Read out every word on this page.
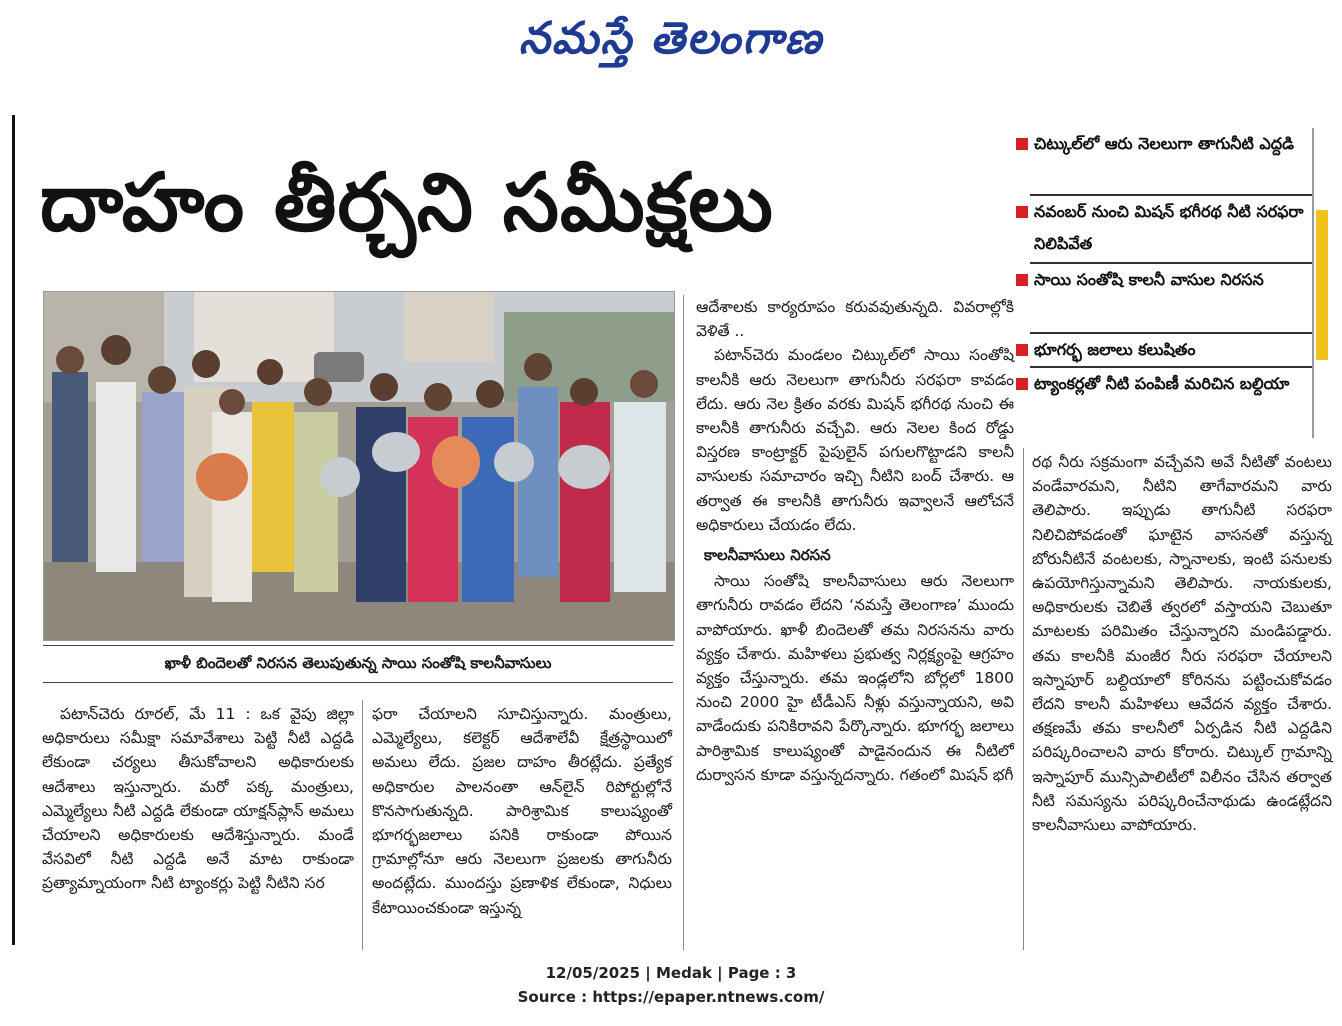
నమస్తే తెలంగాణ
దాహం తీర్చని సమీక్షలు
చిట్కుల్‌లో ఆరు నెలలుగా తాగునీటి ఎద్దడి
నవంబర్ నుంచి మిషన్ భగీరథ నీటి సరఫరా నిలిపివేత
సాయి సంతోషి కాలనీ వాసుల నిరసన
భూగర్భ జలాలు కలుషితం
ట్యాంకర్లతో నీటి పంపిణీ మరిచిన బల్దియా
ఖాళీ బిందెలతో నిరసన తెలుపుతున్న సాయి సంతోషి కాలనీవాసులు

పటాన్‌చెరు రూరల్, మే 11 : ఒక వైపు జిల్లా అధికారులు సమీక్షా సమావేశాలు పెట్టి నీటి ఎద్దడి లేకుండా చర్యలు తీసుకోవాలని అధికారులకు ఆదేశాలు ఇస్తున్నారు. మరో పక్క మంత్రులు, ఎమ్మెల్యేలు నీటి ఎద్దడి లేకుండా యాక్షన్‌ప్లాన్ అమలు చేయాలని అధికారులకు ఆదేశిస్తున్నారు. మండే వేసవిలో నీటి ఎద్దడి అనే మాట రాకుండా ప్రత్యామ్నాయంగా నీటి ట్యాంకర్లు పెట్టి నీటిని సర

ఫరా చేయాలని సూచిస్తున్నారు. మంత్రులు, ఎమ్మెల్యేలు, కలెక్టర్ ఆదేశాలేవీ క్షేత్రస్థాయిలో అమలు లేదు. ప్రజల దాహం తీరట్లేదు. ప్రత్యేక అధికారుల పాలనంతా ఆన్‌లైన్ రిపోర్టుల్లోనే కొనసాగుతున్నది. పారిశ్రామిక కాలుష్యంతో భూగర్భజలాలు పనికి రాకుండా పోయిన గ్రామాల్లోనూ ఆరు నెలలుగా ప్రజలకు తాగునీరు అందట్లేదు. ముందస్తు ప్రణాళిక లేకుండా, నిధులు కేటాయించకుండా ఇస్తున్న

ఆదేశాలకు కార్యరూపం కరువవుతున్నది. వివరాల్లోకి వెళితే ..

పటాన్‌చెరు మండలం చిట్కుల్‌లో సాయి సంతోషి కాలనీకి ఆరు నెలలుగా తాగునీరు సరఫరా కావడం లేదు. ఆరు నెల క్రితం వరకు మిషన్ భగీరథ నుంచి ఈ కాలనీకి తాగునీరు వచ్చేవి. ఆరు నెలల కింద రోడ్డు విస్తరణ కాంట్రాక్టర్ పైపులైన్ పగులగొట్టాడని కాలనీ వాసులకు సమాచారం ఇచ్చి నీటిని బంద్ చేశారు. ఆ తర్వాత ఈ కాలనీకి తాగునీరు ఇవ్వాలనే ఆలోచనే అధికారులు చేయడం లేదు.

కాలనీవాసులు నిరసన

సాయి సంతోషి కాలనీవాసులు ఆరు నెలలుగా తాగునీరు రావడం లేదని ‘నమస్తే తెలంగాణ’ ముందు వాపోయారు. ఖాళీ బిందెలతో తమ నిరసనను వారు వ్యక్తం చేశారు. మహిళలు ప్రభుత్వ నిర్లక్ష్యంపై ఆగ్రహం వ్యక్తం చేస్తున్నారు. తమ ఇండ్లలోని బోర్లలో 1800 నుంచి 2000 హై టీడీఎస్ నీళ్లు వస్తున్నాయని, అవి వాడేందుకు పనికిరావని పేర్కొన్నారు. భూగర్భ జలాలు పారిశ్రామిక కాలుష్యంతో పాడైనందున ఈ నీటిలో దుర్వాసన కూడా వస్తున్నదన్నారు. గతంలో మిషన్ భగీ

రథ నీరు సక్రమంగా వచ్చేవని అవే నీటితో వంటలు వండేవారమని, నీటిని తాగేవారమని వారు తెలిపారు. ఇప్పుడు తాగునీటి సరఫరా నిలిచిపోవడంతో ఘాటైన వాసనతో వస్తున్న బోరునీటినే వంటలకు, స్నానాలకు, ఇంటి పనులకు ఉపయోగిస్తున్నామని తెలిపారు. నాయకులకు, అధికారులకు చెబితే త్వరలో వస్తాయని చెబుతూ మాటలకు పరిమితం చేస్తున్నారని మండిపడ్డారు. తమ కాలనీకి మంజీర నీరు సరఫరా చేయాలని ఇస్నాపూర్ బల్దియాలో కోరినను పట్టించుకోవడం లేదని కాలనీ మహిళలు ఆవేదన వ్యక్తం చేశారు. తక్షణమే తమ కాలనీలో ఏర్పడిన నీటి ఎద్దడిని పరిష్కరించాలని వారు కోరారు. చిట్కుల్ గ్రామాన్ని ఇస్నాపూర్ మున్సిపాలిటీలో విలీనం చేసిన తర్వాత నీటి సమస్యను పరిష్కరించేనాథుడు ఉండట్లేదని కాలనీవాసులు వాపోయారు.

12/05/2025 | Medak | Page : 3
Source : https://epaper.ntnews.com/
